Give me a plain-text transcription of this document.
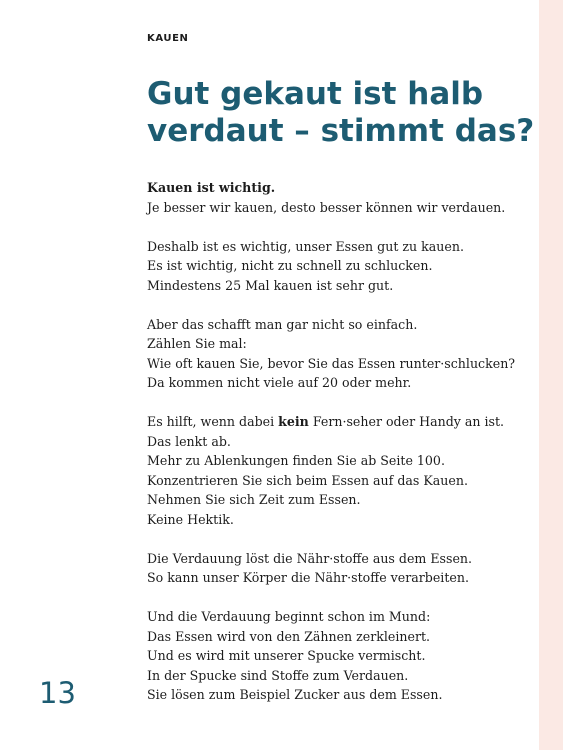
KAUEN
Gut gekaut ist halb
verdaut – stimmt das?
Kauen ist wichtig.
Je besser wir kauen, desto besser können wir verdauen.
Deshalb ist es wichtig, unser Essen gut zu kauen.
Es ist wichtig, nicht zu schnell zu schlucken.
Mindestens 25 Mal kauen ist sehr gut.
Aber das schafft man gar nicht so einfach.
Zählen Sie mal:
Wie oft kauen Sie, bevor Sie das Essen runter·schlucken?
Da kommen nicht viele auf 20 oder mehr.
Es hilft, wenn dabei kein Fern·seher oder Handy an ist.
Das lenkt ab.
Mehr zu Ablenkungen finden Sie ab Seite 100.
Konzentrieren Sie sich beim Essen auf das Kauen.
Nehmen Sie sich Zeit zum Essen.
Keine Hektik.
Die Verdauung löst die Nähr·stoffe aus dem Essen.
So kann unser Körper die Nähr·stoffe verarbeiten.
Und die Verdauung beginnt schon im Mund:
Das Essen wird von den Zähnen zerkleinert.
Und es wird mit unserer Spucke vermischt.
In der Spucke sind Stoffe zum Verdauen.
Sie lösen zum Beispiel Zucker aus dem Essen.
13
